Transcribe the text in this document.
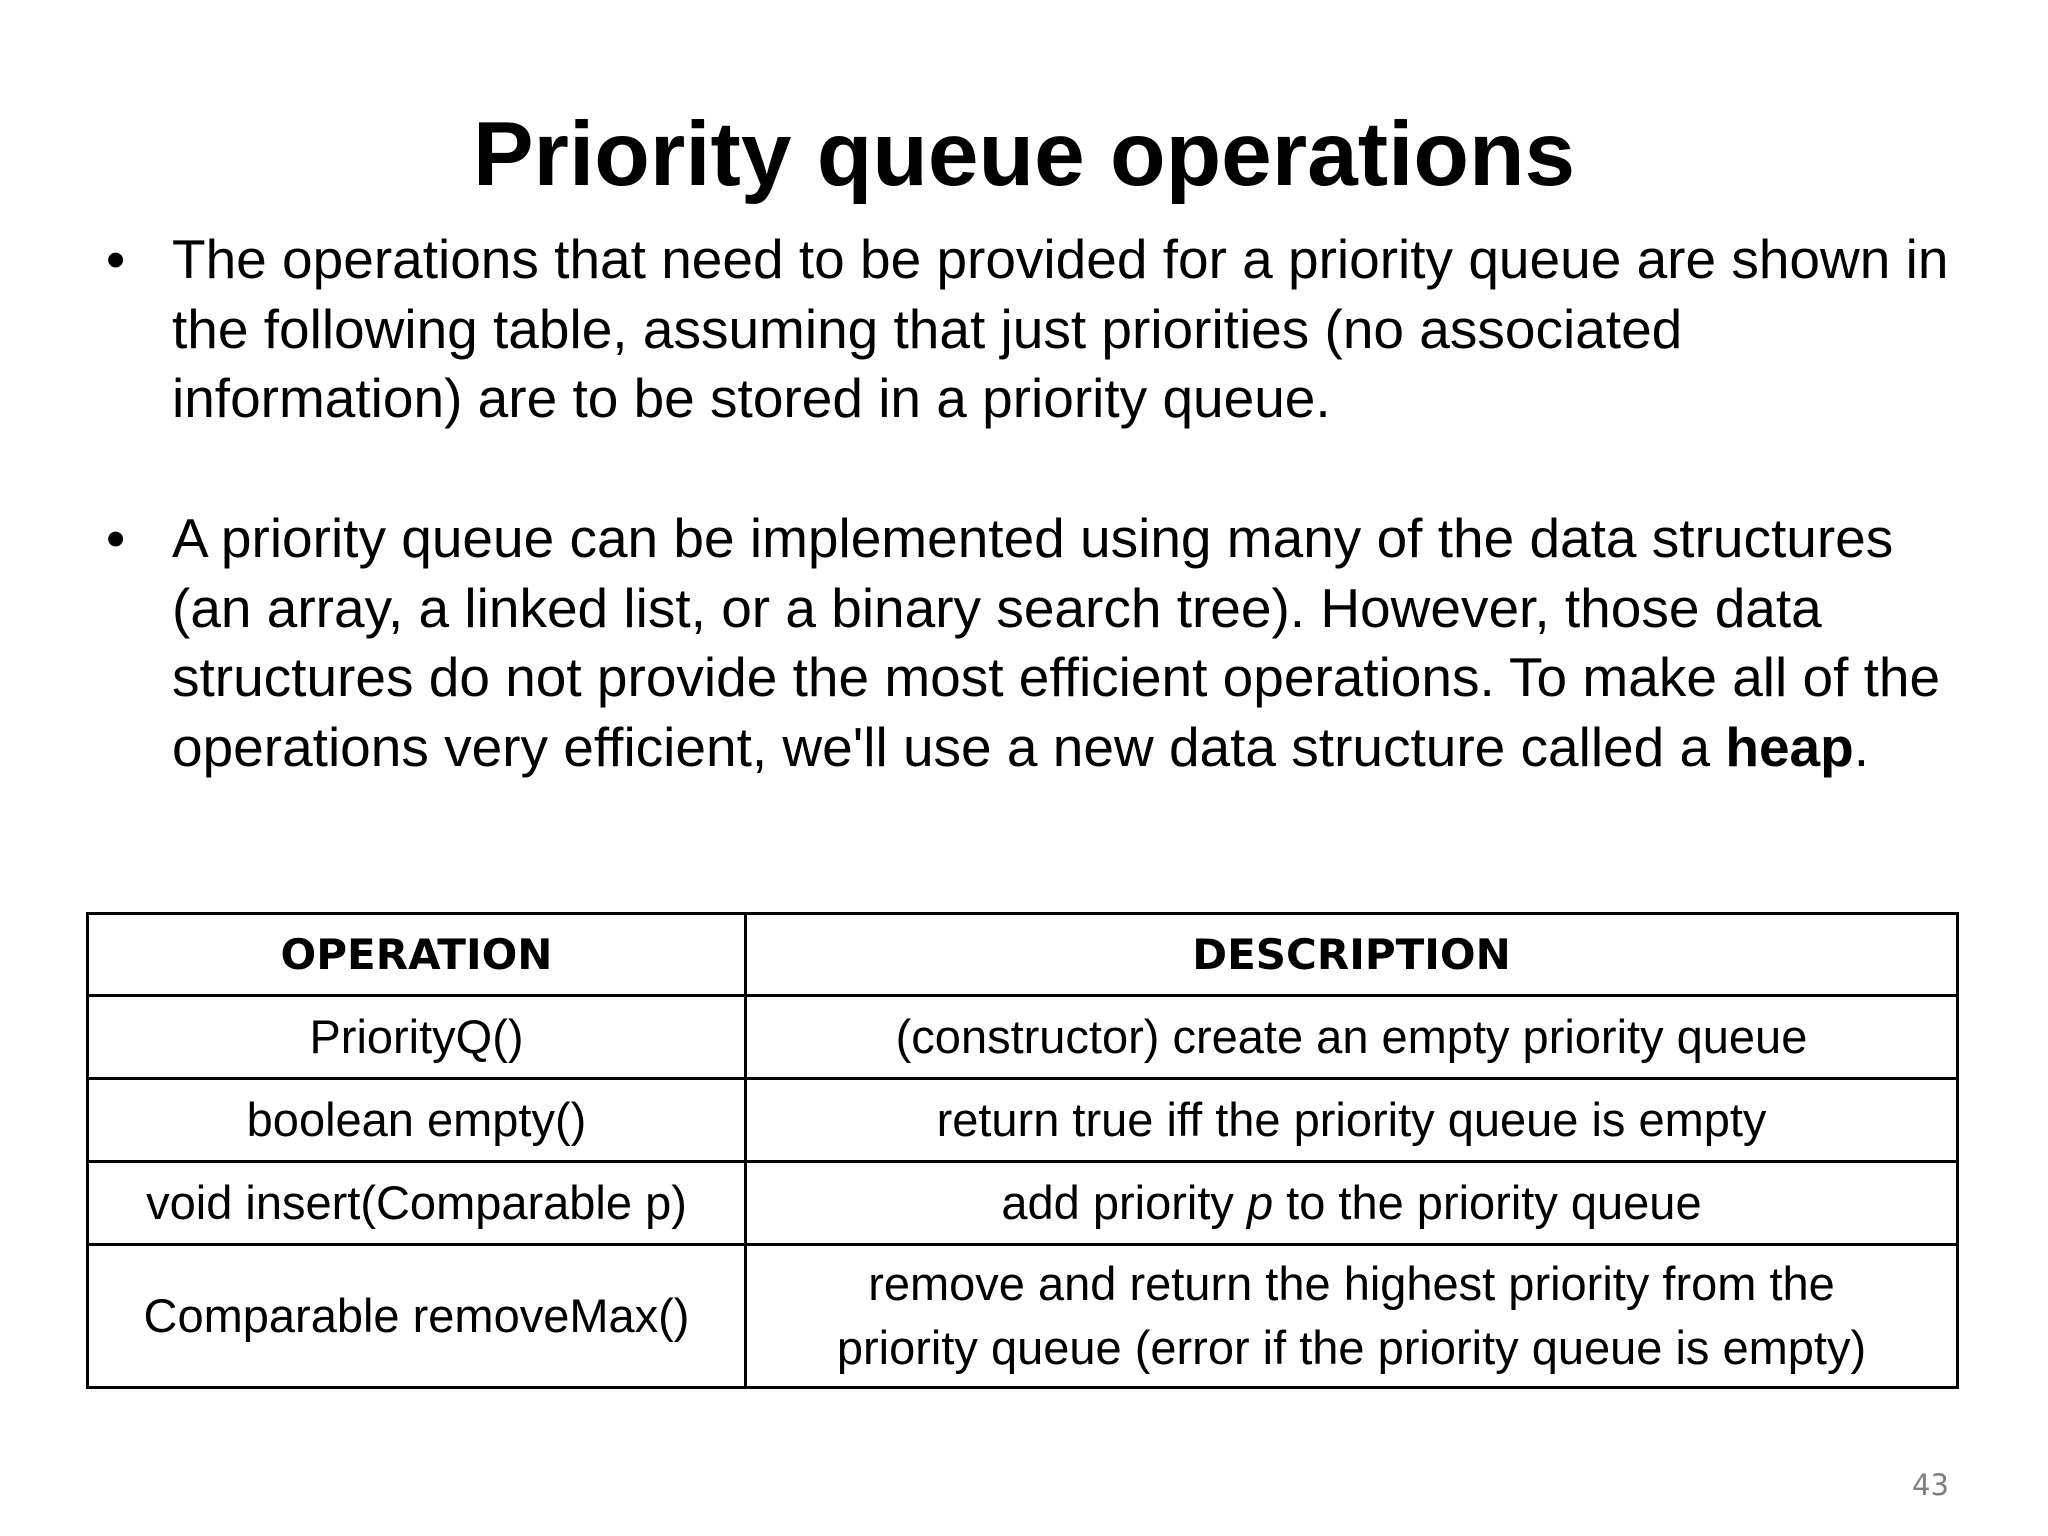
Priority queue operations
• The operations that need to be provided for a priority queue are shown in the following table, assuming that just priorities (no associated information) are to be stored in a priority queue.

• A priority queue can be implemented using many of the data structures (an array, a linked list, or a binary search tree). However, those data structures do not provide the most efficient operations. To make all of the operations very efficient, we'll use a new data structure called a heap.

OPERATION	DESCRIPTION
PriorityQ()	(constructor) create an empty priority queue
boolean empty()	return true iff the priority queue is empty
void insert(Comparable p)	add priority p to the priority queue
Comparable removeMax()	remove and return the highest priority from the
priority queue (error if the priority queue is empty)
43
